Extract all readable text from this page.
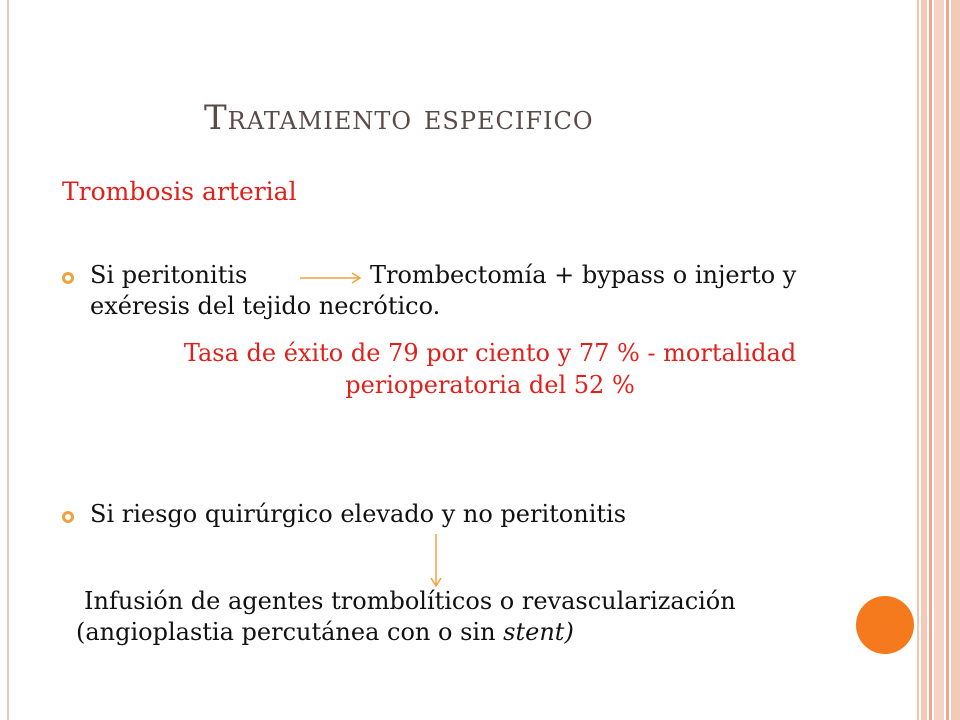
Tratamiento especifico
Trombosis arterial
Si peritonitis	Trombectomía + bypass o injerto y
exéresis del tejido necrótico.
Tasa de éxito de 79 por ciento y 77 % - mortalidad
perioperatoria del 52 %
Si riesgo quirúrgico elevado y no peritonitis
Infusión de agentes trombolíticos o revascularización
(angioplastia percutánea con o sin stent)
